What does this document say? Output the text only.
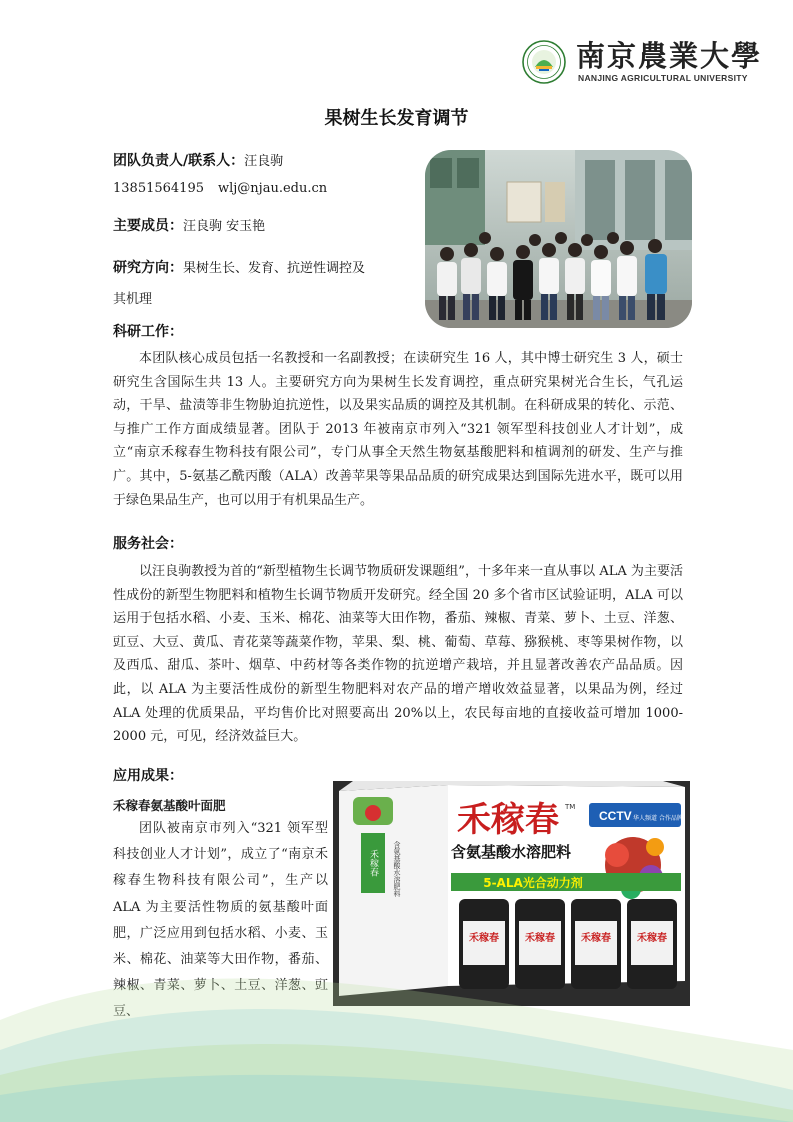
南京農業大學
NANJING AGRICULTURAL UNIVERSITY
果树生长发育调节
团队负责人/联系人：汪良驹
13851564195 wlj@njau.edu.cn
主要成员：汪良驹 安玉艳
研究方向：果树生长、发育、抗逆性调控及
其机理
科研工作：

本团队核心成员包括一名教授和一名副教授；在读研究生 16 人，其中博士研究生 3 人，硕士研究生含国际生共 13 人。主要研究方向为果树生长发育调控，重点研究果树光合生长，气孔运动，干旱、盐渍等非生物胁迫抗逆性，以及果实品质的调控及其机制。在科研成果的转化、示范、与推广工作方面成绩显著。团队于 2013 年被南京市列入“321 领军型科技创业人才计划”，成立“南京禾稼春生物科技有限公司”，专门从事全天然生物氨基酸肥料和植调剂的研发、生产与推广。其中，5-氨基乙酰丙酸（ALA）改善苹果等果品品质的研究成果达到国际先进水平，既可以用于绿色果品生产，也可以用于有机果品生产。

服务社会：

以汪良驹教授为首的“新型植物生长调节物质研发课题组”，十多年来一直从事以 ALA 为主要活性成份的新型生物肥料和植物生长调节物质开发研究。经全国 20 多个省市区试验证明，ALA 可以运用于包括水稻、小麦、玉米、棉花、油菜等大田作物，番茄、辣椒、青菜、萝卜、土豆、洋葱、豇豆、大豆、黄瓜、青花菜等蔬菜作物，苹果、梨、桃、葡萄、草莓、猕猴桃、枣等果树作物，以及西瓜、甜瓜、茶叶、烟草、中药材等各类作物的抗逆增产栽培，并且显著改善农产品品质。因此，以 ALA 为主要活性成份的新型生物肥料对农产品的增产增收效益显著，以果品为例，经过 ALA 处理的优质果品，平均售价比对照要高出 20%以上，农民每亩地的直接收益可增加 1000-2000 元，可见，经济效益巨大。

应用成果：
禾稼春氨基酸叶面肥

团队被南京市列入“321 领军型科技创业人才计划”，成立了“南京禾稼春生物科技有限公司”，生产以 ALA 为主要活性物质的氨基酸叶面肥，广泛应用到包括水稻、小麦、玉米、棉花、油菜等大田作物，番茄、辣椒、青菜、萝卜、土豆、洋葱、豇豆、

禾稼春 含氨基酸水溶肥料
禾稼春 TM
含氨基酸水溶肥料
CCTV 华人频道 合作品牌
5-ALA光合动力剂
禾稼春	禾稼春	禾稼春	禾稼春
